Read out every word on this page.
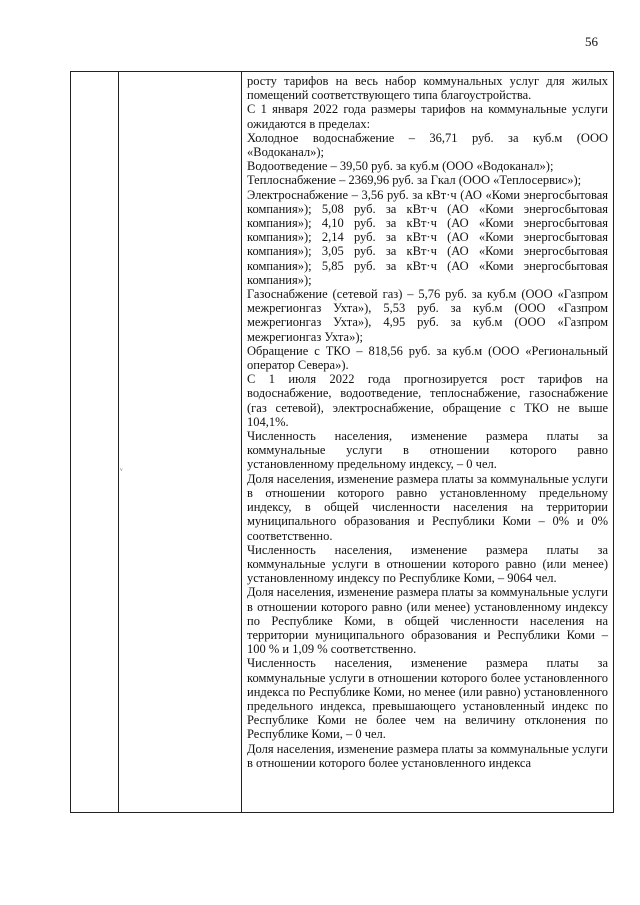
56

росту тарифов на весь набор коммунальных услуг для жилых помещений соответствующего типа благоустройства.

С 1 января 2022 года размеры тарифов на коммунальные услуги ожидаются в пределах:

Холодное водоснабжение – 36,71 руб. за куб.м (ООО «Водоканал»);

Водоотведение – 39,50 руб. за куб.м (ООО «Водоканал»);

Теплоснабжение – 2369,96 руб. за Гкал (ООО «Теплосервис»);

Электроснабжение – 3,56 руб. за кВт·ч (АО «Коми энергосбытовая компания»); 5,08 руб. за кВт·ч (АО «Коми энергосбытовая компания»); 4,10 руб. за кВт·ч (АО «Коми энергосбытовая компания»); 2,14 руб. за кВт·ч (АО «Коми энергосбытовая компания»); 3,05 руб. за кВт·ч (АО «Коми энергосбытовая компания»); 5,85 руб. за кВт·ч (АО «Коми энергосбытовая компания»);

Газоснабжение (сетевой газ) – 5,76 руб. за куб.м (ООО «Газпром межрегионгаз Ухта»), 5,53 руб. за куб.м (ООО «Газпром межрегионгаз Ухта»), 4,95 руб. за куб.м (ООО «Газпром межрегионгаз Ухта»);

Обращение с ТКО – 818,56 руб. за куб.м (ООО «Региональный оператор Севера»).

С 1 июля 2022 года прогнозируется рост тарифов на водоснабжение, водоотведение, теплоснабжение, газоснабжение (газ сетевой), электроснабжение, обращение с ТКО не выше 104,1%.

Численность населения, изменение размера платы за коммунальные услуги в отношении которого равно установленному предельному индексу, – 0 чел.

Доля населения, изменение размера платы за коммунальные услуги в отношении которого равно установленному предельному индексу, в общей численности населения на территории муниципального образования и Республики Коми – 0% и 0% соответственно.

Численность населения, изменение размера платы за коммунальные услуги в отношении которого равно (или менее) установленному индексу по Республике Коми, – 9064 чел.

Доля населения, изменение размера платы за коммунальные услуги в отношении которого равно (или менее) установленному индексу по Республике Коми, в общей численности населения на территории муниципального образования и Республики Коми – 100 % и 1,09 % соответственно.

Численность населения, изменение размера платы за коммунальные услуги в отношении которого более установленного индекса по Республике Коми, но менее (или равно) установленного предельного индекса, превышающего установленный индекс по Республике Коми не более чем на величину отклонения по Республике Коми, – 0 чел.

Доля населения, изменение размера платы за коммунальные услуги в отношении которого более установленного индекса

ᵥ
